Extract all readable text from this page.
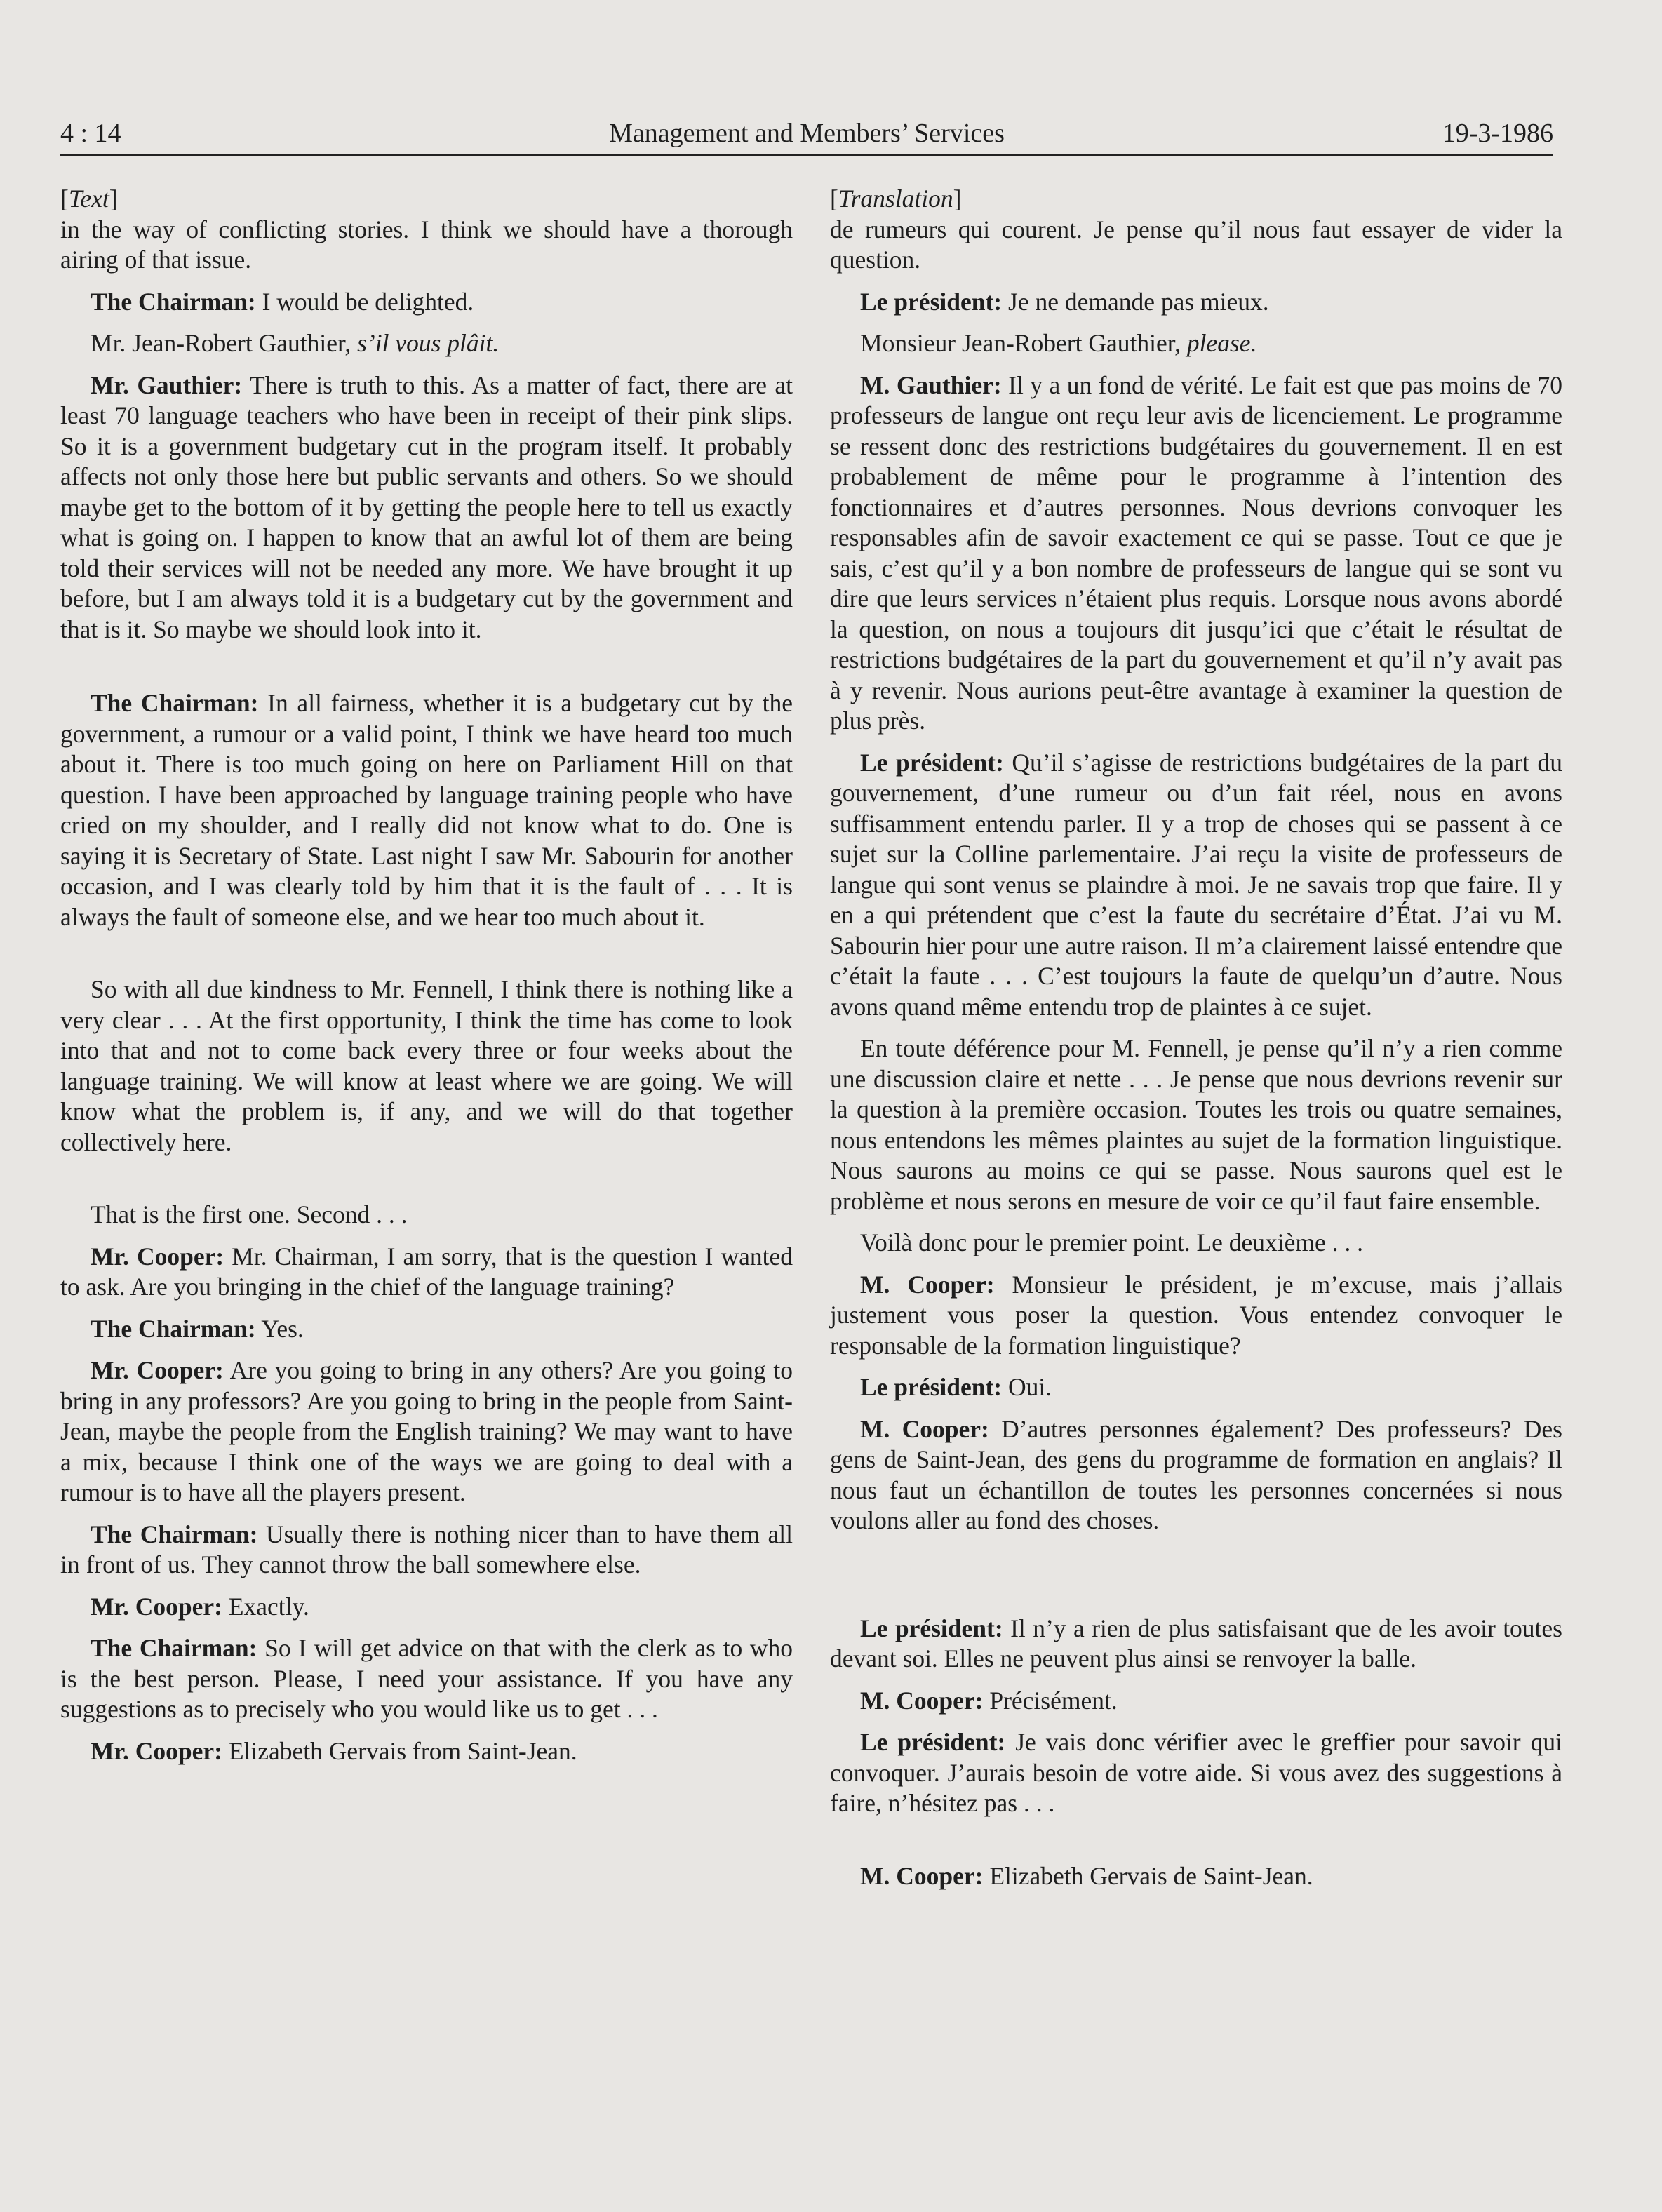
4 : 14	Management and Members’ Services	19-3-1986

[Text]

in the way of conflicting stories. I think we should have a thorough airing of that issue.

The Chairman: I would be delighted.

Mr. Jean-Robert Gauthier, s’il vous plâit.

Mr. Gauthier: There is truth to this. As a matter of fact, there are at least 70 language teachers who have been in receipt of their pink slips. So it is a government budgetary cut in the program itself. It probably affects not only those here but public servants and others. So we should maybe get to the bottom of it by getting the people here to tell us exactly what is going on. I happen to know that an awful lot of them are being told their services will not be needed any more. We have brought it up before, but I am always told it is a budgetary cut by the government and that is it. So maybe we should look into it.

The Chairman: In all fairness, whether it is a budgetary cut by the government, a rumour or a valid point, I think we have heard too much about it. There is too much going on here on Parliament Hill on that question. I have been approached by language training people who have cried on my shoulder, and I really did not know what to do. One is saying it is Secretary of State. Last night I saw Mr. Sabourin for another occasion, and I was clearly told by him that it is the fault of . . . It is always the fault of someone else, and we hear too much about it.

So with all due kindness to Mr. Fennell, I think there is nothing like a very clear . . . At the first opportunity, I think the time has come to look into that and not to come back every three or four weeks about the language training. We will know at least where we are going. We will know what the problem is, if any, and we will do that together collectively here.

That is the first one. Second . . .

Mr. Cooper: Mr. Chairman, I am sorry, that is the question I wanted to ask. Are you bringing in the chief of the language training?

The Chairman: Yes.

Mr. Cooper: Are you going to bring in any others? Are you going to bring in any professors? Are you going to bring in the people from Saint-Jean, maybe the people from the English training? We may want to have a mix, because I think one of the ways we are going to deal with a rumour is to have all the players present.

The Chairman: Usually there is nothing nicer than to have them all in front of us. They cannot throw the ball somewhere else.

Mr. Cooper: Exactly.

The Chairman: So I will get advice on that with the clerk as to who is the best person. Please, I need your assistance. If you have any suggestions as to precisely who you would like us to get . . .

Mr. Cooper: Elizabeth Gervais from Saint-Jean.

[Translation]

de rumeurs qui courent. Je pense qu’il nous faut essayer de vider la question.

Le président: Je ne demande pas mieux.

Monsieur Jean-Robert Gauthier, please.

M. Gauthier: Il y a un fond de vérité. Le fait est que pas moins de 70 professeurs de langue ont reçu leur avis de licenciement. Le programme se ressent donc des restrictions budgétaires du gouvernement. Il en est probablement de même pour le programme à l’intention des fonctionnaires et d’autres personnes. Nous devrions convoquer les responsables afin de savoir exactement ce qui se passe. Tout ce que je sais, c’est qu’il y a bon nombre de professeurs de langue qui se sont vu dire que leurs services n’étaient plus requis. Lorsque nous avons abordé la question, on nous a toujours dit jusqu’ici que c’était le résultat de restrictions budgétaires de la part du gouvernement et qu’il n’y avait pas à y revenir. Nous aurions peut-être avantage à examiner la question de plus près.

Le président: Qu’il s’agisse de restrictions budgétaires de la part du gouvernement, d’une rumeur ou d’un fait réel, nous en avons suffisamment entendu parler. Il y a trop de choses qui se passent à ce sujet sur la Colline parlementaire. J’ai reçu la visite de professeurs de langue qui sont venus se plaindre à moi. Je ne savais trop que faire. Il y en a qui prétendent que c’est la faute du secrétaire d’État. J’ai vu M. Sabourin hier pour une autre raison. Il m’a clairement laissé entendre que c’était la faute . . . C’est toujours la faute de quelqu’un d’autre. Nous avons quand même entendu trop de plaintes à ce sujet.

En toute déférence pour M. Fennell, je pense qu’il n’y a rien comme une discussion claire et nette . . . Je pense que nous devrions revenir sur la question à la première occasion. Toutes les trois ou quatre semaines, nous entendons les mêmes plaintes au sujet de la formation linguistique. Nous saurons au moins ce qui se passe. Nous saurons quel est le problème et nous serons en mesure de voir ce qu’il faut faire ensemble.

Voilà donc pour le premier point. Le deuxième . . .

M. Cooper: Monsieur le président, je m’excuse, mais j’allais justement vous poser la question. Vous entendez convoquer le responsable de la formation linguistique?

Le président: Oui.

M. Cooper: D’autres personnes également? Des professeurs? Des gens de Saint-Jean, des gens du programme de formation en anglais? Il nous faut un échantillon de toutes les personnes concernées si nous voulons aller au fond des choses.

Le président: Il n’y a rien de plus satisfaisant que de les avoir toutes devant soi. Elles ne peuvent plus ainsi se renvoyer la balle.

M. Cooper: Précisément.

Le président: Je vais donc vérifier avec le greffier pour savoir qui convoquer. J’aurais besoin de votre aide. Si vous avez des suggestions à faire, n’hésitez pas . . .

M. Cooper: Elizabeth Gervais de Saint-Jean.
